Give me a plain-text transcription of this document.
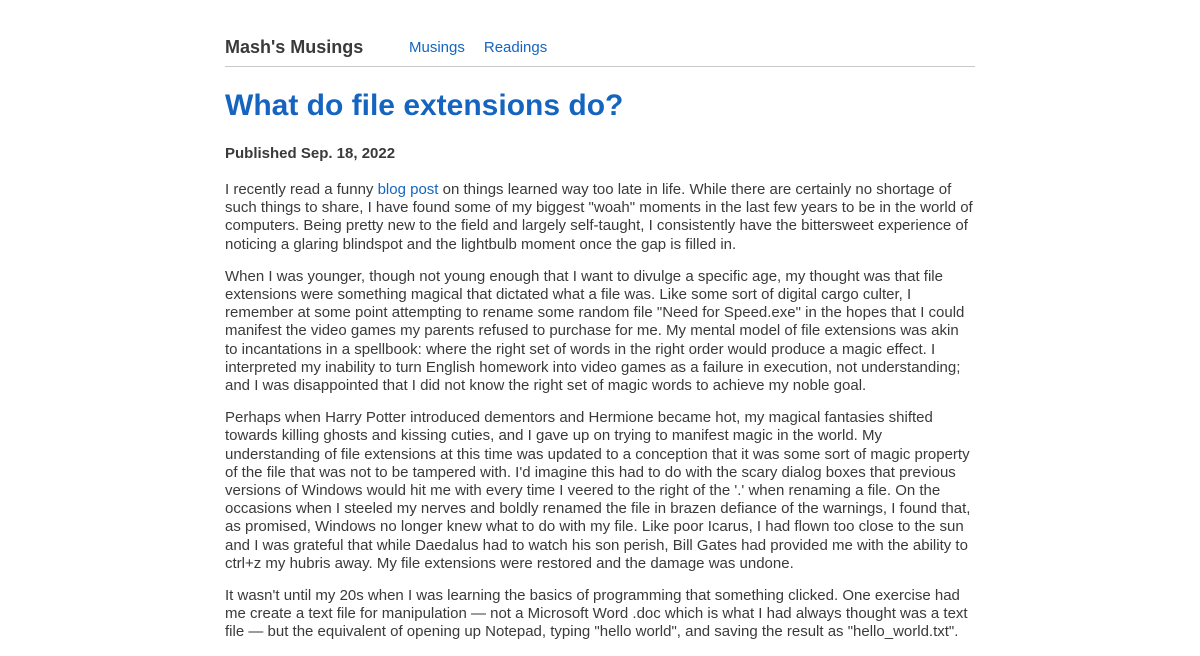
Mash's Musings	Musings Readings
What do file extensions do?
Published Sep. 18, 2022

I recently read a funny blog post on things learned way too late in life. While there are certainly no shortage of such things to share, I have found some of my biggest "woah" moments in the last few years to be in the world of computers. Being pretty new to the field and largely self-taught, I consistently have the bittersweet experience of noticing a glaring blindspot and the lightbulb moment once the gap is filled in.

When I was younger, though not young enough that I want to divulge a specific age, my thought was that file extensions were something magical that dictated what a file was. Like some sort of digital cargo culter, I remember at some point attempting to rename some random file "Need for Speed.exe" in the hopes that I could manifest the video games my parents refused to purchase for me. My mental model of file extensions was akin to incantations in a spellbook: where the right set of words in the right order would produce a magic effect. I interpreted my inability to turn English homework into video games as a failure in execution, not understanding; and I was disappointed that I did not know the right set of magic words to achieve my noble goal.

Perhaps when Harry Potter introduced dementors and Hermione became hot, my magical fantasies shifted towards killing ghosts and kissing cuties, and I gave up on trying to manifest magic in the world. My understanding of file extensions at this time was updated to a conception that it was some sort of magic property of the file that was not to be tampered with. I'd imagine this had to do with the scary dialog boxes that previous versions of Windows would hit me with every time I veered to the right of the '.' when renaming a file. On the occasions when I steeled my nerves and boldly renamed the file in brazen defiance of the warnings, I found that, as promised, Windows no longer knew what to do with my file. Like poor Icarus, I had flown too close to the sun and I was grateful that while Daedalus had to watch his son perish, Bill Gates had provided me with the ability to ctrl+z my hubris away. My file extensions were restored and the damage was undone.

It wasn't until my 20s when I was learning the basics of programming that something clicked. One exercise had me create a text file for manipulation — not a Microsoft Word .doc which is what I had always thought was a text file — but the equivalent of opening up Notepad, typing "hello world", and saving the result as "hello_world.txt".
